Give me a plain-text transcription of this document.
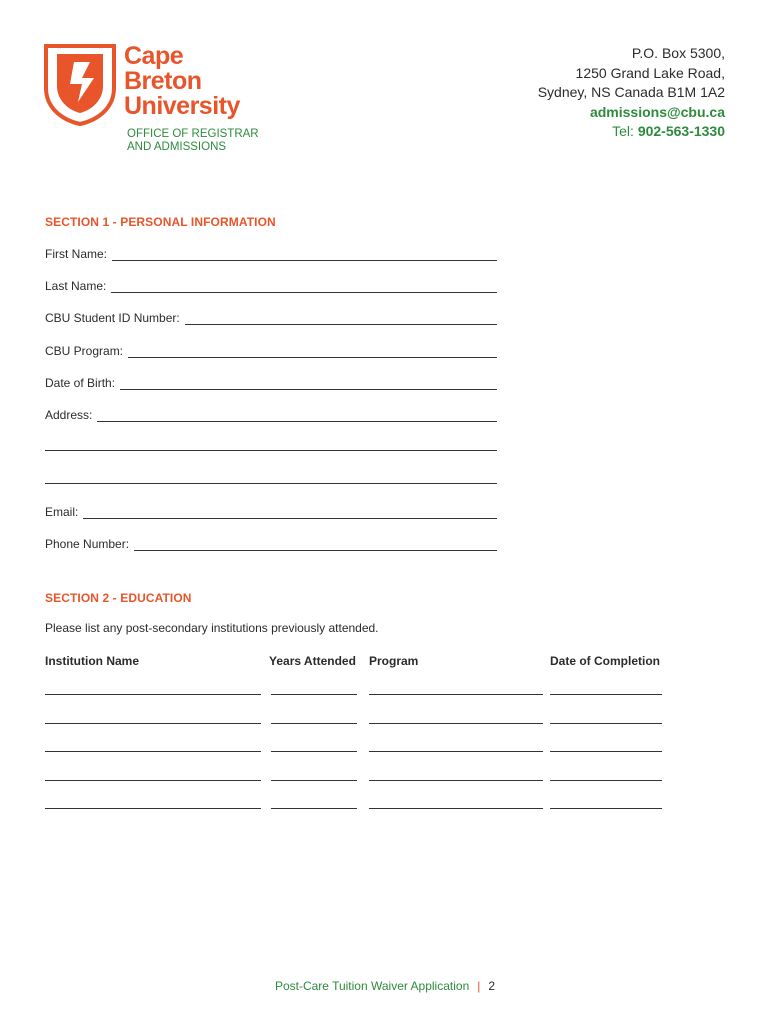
Cape
Breton
University
OFFICE OF REGISTRAR
AND ADMISSIONS
P.O. Box 5300,
1250 Grand Lake Road,
Sydney, NS Canada B1M 1A2
admissions@cbu.ca
Tel: 902-563-1330
SECTION 1 - PERSONAL INFORMATION
First Name:
Last Name:
CBU Student ID Number:
CBU Program:
Date of Birth:
Address:
Email:
Phone Number:
SECTION 2 - EDUCATION
Please list any post-secondary institutions previously attended.
Institution Name	Years Attended Program	Date of Completion
Post-Care Tuition Waiver Application | 2
